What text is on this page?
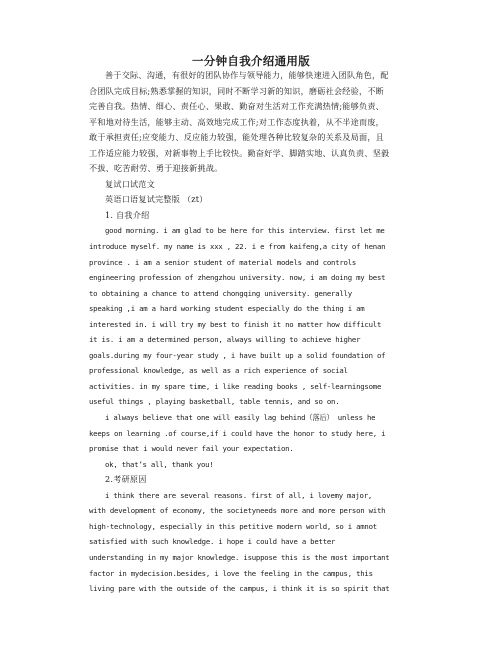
一分钟自我介绍通用版
善于交际、沟通，有很好的团队协作与领导能力，能够快速进入团队角色，配
合团队完成目标;熟悉掌握的知识，同时不断学习新的知识，磨砺社会经验，不断
完善自我。热情、细心、责任心、果敢、勤奋对生活对工作充满热情;能够负责、
平和地对待生活，能够主动、高效地完成工作;对工作态度执着，从不半途而废，
敢于承担责任;应变能力、反应能力较强，能处理各种比较复杂的关系及局面，且
工作适应能力较强，对新事物上手比较快。勤奋好学、脚踏实地、认真负责、坚毅
不拔、吃苦耐劳、勇于迎接新挑战。
复试口试范文
英语口语复试完整版 （zt）
1. 自我介绍
good morning. i am glad to be here for this interview. first let me
introduce myself. my name is xxx , 22. i e from kaifeng,a city of henan
province . i am a senior student of material models and controls
engineering profession of zhengzhou university. now, i am doing my best
to obtaining a chance to attend chongqing university. generally
speaking ,i am a hard working student especially do the thing i am
interested in. i will try my best to finish it no matter how difficult
it is. i am a determined person, always willing to achieve higher
goals.during my four-year study , i have built up a solid foundation of
professional knowledge, as well as a rich experience of social
activities. in my spare time, i like reading books , self-learningsome
useful things , playing basketball, table tennis, and so on.
i always believe that one will easily lag behind（落后） unless he
keeps on learning .of course,if i could have the honor to study here, i
promise that i would never fail your expectation.
ok, that’s all, thank you!
2.考研原因
i think there are several reasons. first of all, i lovemy major,
with development of economy, the societyneeds more and more person with
high-technology, especially in this petitive modern world, so i amnot
satisfied with such knowledge. i hope i could have a better
understanding in my major knowledge. isuppose this is the most important
factor in mydecision.besides, i love the feeling in the campus, this
living pare with the outside of the campus, i think it is so spirit that
